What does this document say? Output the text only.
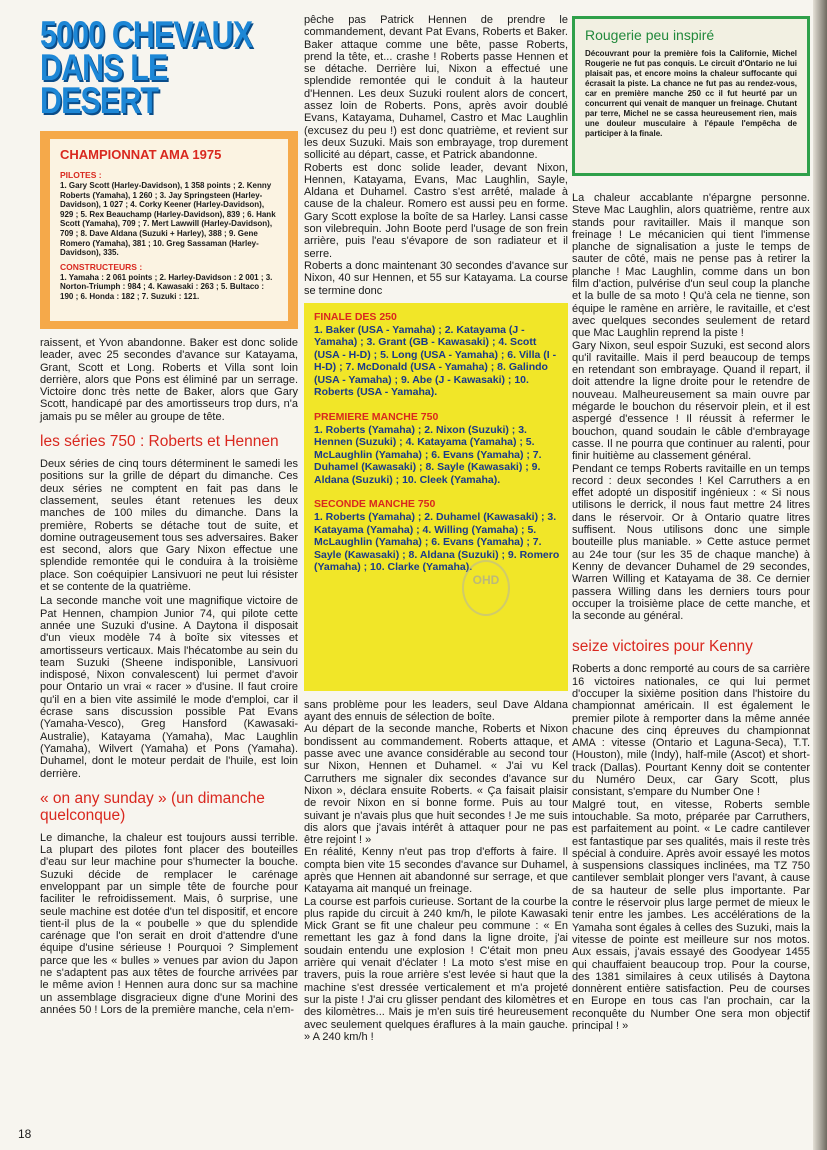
5000 CHEVAUX
DANS LE DESERT

CHAMPIONNAT AMA 1975

PILOTES :

1. Gary Scott (Harley-Davidson), 1 358 points ; 2. Kenny Roberts (Yamaha), 1 260 ; 3. Jay Springsteen (Harley-Davidson), 1 027 ; 4. Corky Keener (Harley-Davidson), 929 ; 5. Rex Beauchamp (Harley-Davidson), 839 ; 6. Hank Scott (Yamaha), 709 ; 7. Mert Lawwill (Harley-Davidson), 709 ; 8. Dave Aldana (Suzuki + Harley), 388 ; 9. Gene Romero (Yamaha), 381 ; 10. Greg Sassaman (Harley-Davidson), 335.

CONSTRUCTEURS :

1. Yamaha : 2 061 points ; 2. Harley-Davidson : 2 001 ; 3. Norton-Triumph : 984 ; 4. Kawasaki : 263 ; 5. Bultaco : 190 ; 6. Honda : 182 ; 7. Suzuki : 121.

raissent, et Yvon abandonne. Baker est donc solide leader, avec 25 secondes d'avance sur Katayama, Grant, Scott et Long. Roberts et Villa sont loin derrière, alors que Pons est éliminé par un serrage. Victoire donc très nette de Baker, alors que Gary Scott, handicapé par des amortisseurs trop durs, n'a jamais pu se mêler au groupe de tête.

les séries 750 : Roberts et Hennen

Deux séries de cinq tours déterminent le samedi les positions sur la grille de départ du dimanche. Ces deux séries ne comptent en fait pas dans le classement, seules étant retenues les deux manches de 100 miles du dimanche. Dans la première, Roberts se détache tout de suite, et domine outrageusement tous ses adversaires. Baker est second, alors que Gary Nixon effectue une splendide remontée qui le conduira à la troisième place. Son coéquipier Lansivuori ne peut lui résister et se contente de la quatrième.

La seconde manche voit une magnifique victoire de Pat Hennen, champion Junior 74, qui pilote cette année une Suzuki d'usine. A Daytona il disposait d'un vieux modèle 74 à boîte six vitesses et amortisseurs verticaux. Mais l'hécatombe au sein du team Suzuki (Sheene indisponible, Lansivuori indisposé, Nixon convalescent) lui permet d'avoir pour Ontario un vrai « racer » d'usine. Il faut croire qu'il en a bien vite assimilé le mode d'emploi, car il écrase sans discussion possible Pat Evans (Yamaha-Vesco), Greg Hansford (Kawasaki-Australie), Katayama (Yamaha), Mac Laughlin (Yamaha), Wilvert (Yamaha) et Pons (Yamaha). Duhamel, dont le moteur perdait de l'huile, est loin derrière.

« on any sunday » (un dimanche quelconque)

Le dimanche, la chaleur est toujours aussi terrible. La plupart des pilotes font placer des bouteilles d'eau sur leur machine pour s'humecter la bouche. Suzuki décide de remplacer le carénage enveloppant par un simple tête de fourche pour faciliter le refroidissement. Mais, ô surprise, une seule machine est dotée d'un tel dispositif, et encore tient-il plus de la « poubelle » que du splendide carénage que l'on serait en droit d'attendre d'une équipe d'usine sérieuse ! Pourquoi ? Simplement parce que les « bulles » venues par avion du Japon ne s'adaptent pas aux têtes de fourche arrivées par le même avion ! Hennen aura donc sur sa machine un assemblage disgracieux digne d'une Morini des années 50 ! Lors de la première manche, cela n'em-

pêche pas Patrick Hennen de prendre le commandement, devant Pat Evans, Roberts et Baker. Baker attaque comme une bête, passe Roberts, prend la tête, et... crashe ! Roberts passe Hennen et se détache. Derrière lui, Nixon a effectué une splendide remontée qui le conduit à la hauteur d'Hennen. Les deux Suzuki roulent alors de concert, assez loin de Roberts. Pons, après avoir doublé Evans, Katayama, Duhamel, Castro et Mac Laughlin (excusez du peu !) est donc quatrième, et revient sur les deux Suzuki. Mais son embrayage, trop durement sollicité au départ, casse, et Patrick abandonne.

Roberts est donc solide leader, devant Nixon, Hennen, Katayama, Evans, Mac Laughlin, Sayle, Aldana et Duhamel. Castro s'est arrêté, malade à cause de la chaleur. Romero est aussi peu en forme. Gary Scott explose la boîte de sa Harley. Lansi casse son vilebrequin. John Boote perd l'usage de son frein arrière, puis l'eau s'évapore de son radiateur et il serre.

Roberts a donc maintenant 30 secondes d'avance sur Nixon, 40 sur Hennen, et 55 sur Katayama. La course se termine donc

FINALE DES 250

1. Baker (USA - Yamaha) ; 2. Katayama (J - Yamaha) ; 3. Grant (GB - Kawasaki) ; 4. Scott (USA - H-D) ; 5. Long (USA - Yamaha) ; 6. Villa (I - H-D) ; 7. McDonald (USA - Yamaha) ; 8. Galindo (USA - Yamaha) ; 9. Abe (J - Kawasaki) ; 10. Roberts (USA - Yamaha).

PREMIERE MANCHE 750

1. Roberts (Yamaha) ; 2. Nixon (Suzuki) ; 3. Hennen (Suzuki) ; 4. Katayama (Yamaha) ; 5. McLaughlin (Yamaha) ; 6. Evans (Yamaha) ; 7. Duhamel (Kawasaki) ; 8. Sayle (Kawasaki) ; 9. Aldana (Suzuki) ; 10. Cleek (Yamaha).

SECONDE MANCHE 750

1. Roberts (Yamaha) ; 2. Duhamel (Kawasaki) ; 3. Katayama (Yamaha) ; 4. Willing (Yamaha) ; 5. McLaughlin (Yamaha) ; 6. Evans (Yamaha) ; 7. Sayle (Kawasaki) ; 8. Aldana (Suzuki) ; 9. Romero (Yamaha) ; 10. Clarke (Yamaha).

sans problème pour les leaders, seul Dave Aldana ayant des ennuis de sélection de boîte.

Au départ de la seconde manche, Roberts et Nixon bondissent au commandement. Roberts attaque, et passe avec une avance considérable au second tour sur Nixon, Hennen et Duhamel. « J'ai vu Kel Carruthers me signaler dix secondes d'avance sur Nixon », déclara ensuite Roberts. « Ça faisait plaisir de revoir Nixon en si bonne forme. Puis au tour suivant je n'avais plus que huit secondes ! Je me suis dis alors que j'avais intérêt à attaquer pour ne pas être rejoint ! »

En réalité, Kenny n'eut pas trop d'efforts à faire. Il compta bien vite 15 secondes d'avance sur Duhamel, après que Hennen ait abandonné sur serrage, et que Katayama ait manqué un freinage.

La course est parfois curieuse. Sortant de la courbe la plus rapide du circuit à 240 km/h, le pilote Kawasaki Mick Grant se fit une chaleur peu commune : « En remettant les gaz à fond dans la ligne droite, j'ai soudain entendu une explosion ! C'était mon pneu arrière qui venait d'éclater ! La moto s'est mise en travers, puis la roue arrière s'est levée si haut que la machine s'est dressée verticalement et m'a projeté sur la piste ! J'ai cru glisser pendant des kilomètres et des kilomètres... Mais je m'en suis tiré heureusement avec seulement quelques éraflures à la main gauche. » A 240 km/h !

Rougerie peu inspiré

Découvrant pour la première fois la Californie, Michel Rougerie ne fut pas conquis. Le circuit d'Ontario ne lui plaisait pas, et encore moins la chaleur suffocante qui écrasait la piste. La chance ne fut pas au rendez-vous, car en première manche 250 cc il fut heurté par un concurrent qui venait de manquer un freinage. Chutant par terre, Michel ne se cassa heureusement rien, mais une douleur musculaire à l'épaule l'empêcha de participer à la finale.

La chaleur accablante n'épargne personne. Steve Mac Laughlin, alors quatrième, rentre aux stands pour ravitailler. Mais il manque son freinage ! Le mécanicien qui tient l'immense planche de signalisation a juste le temps de sauter de côté, mais ne pense pas à retirer la planche ! Mac Laughlin, comme dans un bon film d'action, pulvérise d'un seul coup la planche et la bulle de sa moto ! Qu'à cela ne tienne, son équipe le ramène en arrière, le ravitaille, et c'est avec quelques secondes seulement de retard que Mac Laughlin reprend la piste !

Gary Nixon, seul espoir Suzuki, est second alors qu'il ravitaille. Mais il perd beaucoup de temps en retendant son embrayage. Quand il repart, il doit attendre la ligne droite pour le retendre de nouveau. Malheureusement sa main ouvre par mégarde le bouchon du réservoir plein, et il est aspergé d'essence ! Il réussit à refermer le bouchon, quand soudain le câble d'embrayage casse. Il ne pourra que continuer au ralenti, pour finir huitième au classement général.

Pendant ce temps Roberts ravitaille en un temps record : deux secondes ! Kel Carruthers a en effet adopté un dispositif ingénieux : « Si nous utilisons le derrick, il nous faut mettre 24 litres dans le réservoir. Or à Ontario quatre litres suffisent. Nous utilisons donc une simple bouteille plus maniable. » Cette astuce permet au 24e tour (sur les 35 de chaque manche) à Kenny de devancer Duhamel de 29 secondes, Warren Willing et Katayama de 38. Ce dernier passera Willing dans les derniers tours pour occuper la troisième place de cette manche, et la seconde au général.

seize victoires pour Kenny

Roberts a donc remporté au cours de sa carrière 16 victoires nationales, ce qui lui permet d'occuper la sixième position dans l'histoire du championnat américain. Il est également le premier pilote à remporter dans la même année chacune des cinq épreuves du championnat AMA : vitesse (Ontario et Laguna-Seca), T.T. (Houston), mile (Indy), half-mile (Ascot) et short-track (Dallas). Pourtant Kenny doit se contenter du Numéro Deux, car Gary Scott, plus consistant, s'empare du Number One !

Malgré tout, en vitesse, Roberts semble intouchable. Sa moto, préparée par Carruthers, est parfaitement au point. « Le cadre cantilever est fantastique par ses qualités, mais il reste très spécial à conduire. Après avoir essayé les motos à suspensions classiques inclinées, ma TZ 750 cantilever semblait plonger vers l'avant, à cause de sa hauteur de selle plus importante. Par contre le réservoir plus large permet de mieux le tenir entre les jambes. Les accélérations de la Yamaha sont égales à celles des Suzuki, mais la vitesse de pointe est meilleure sur nos motos. Aux essais, j'avais essayé des Goodyear 1455 qui chauffaient beaucoup trop. Pour la course, des 1381 similaires à ceux utilisés à Daytona donnèrent entière satisfaction. Peu de courses en Europe en tous cas l'an prochain, car la reconquête du Number One sera mon objectif principal ! »

18
OHD
